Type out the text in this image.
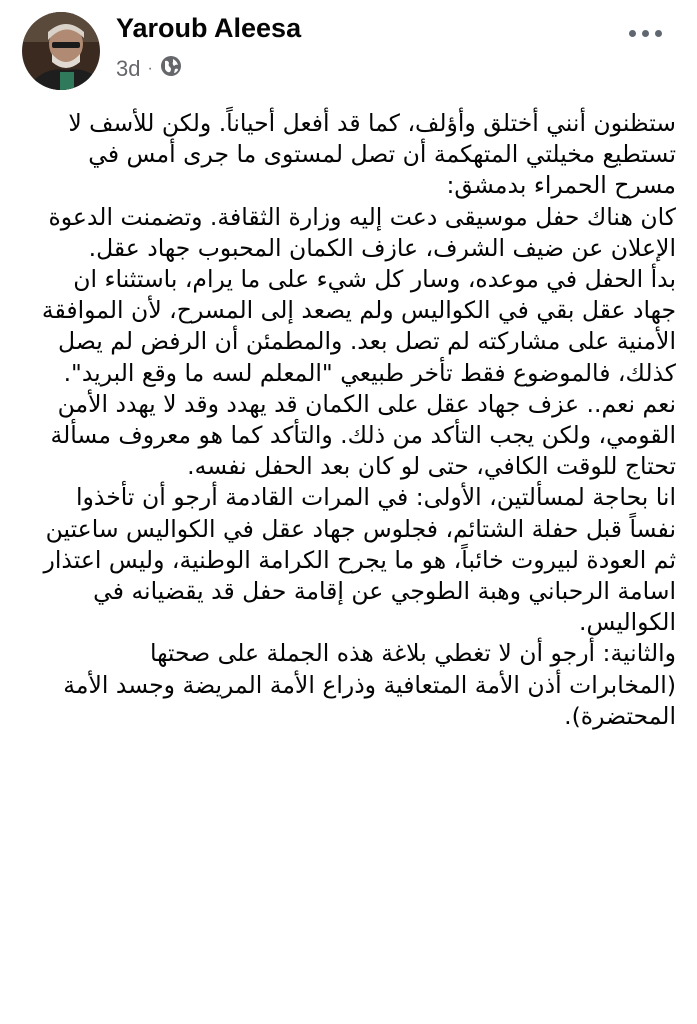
Yaroub Aleesa
3d ·

ستظنون أنني أختلق وأؤلف، كما قد أفعل أحياناً. ولكن للأسف لا تستطيع مخيلتي المتهكمة أن تصل لمستوى ما جرى أمس في مسرح الحمراء بدمشق:

كان هناك حفل موسيقى دعت إليه وزارة الثقافة. وتضمنت الدعوة الإعلان عن ضيف الشرف، عازف الكمان المحبوب جهاد عقل.

بدأ الحفل في موعده، وسار كل شيء على ما يرام، باستثناء ان جهاد عقل بقي في الكواليس ولم يصعد إلى المسرح، لأن الموافقة الأمنية على مشاركته لم تصل بعد. والمطمئن أن الرفض لم يصل كذلك، فالموضوع فقط تأخر طبيعي "المعلم لسه ما وقع البريد".

نعم نعم.. عزف جهاد عقل على الكمان قد يهدد وقد لا يهدد الأمن القومي، ولكن يجب التأكد من ذلك. والتأكد كما هو معروف مسألة تحتاج للوقت الكافي، حتى لو كان بعد الحفل نفسه.

انا بحاجة لمسألتين، الأولى: في المرات القادمة أرجو أن تأخذوا نفساً قبل حفلة الشتائم، فجلوس جهاد عقل في الكواليس ساعتين ثم العودة لبيروت خائباً، هو ما يجرح الكرامة الوطنية، وليس اعتذار اسامة الرحباني وهبة الطوجي عن إقامة حفل قد يقضيانه في الكواليس.

والثانية: أرجو أن لا تغطي بلاغة هذه الجملة على صحتها (المخابرات أذن الأمة المتعافية وذراع الأمة المريضة وجسد الأمة المحتضرة).
